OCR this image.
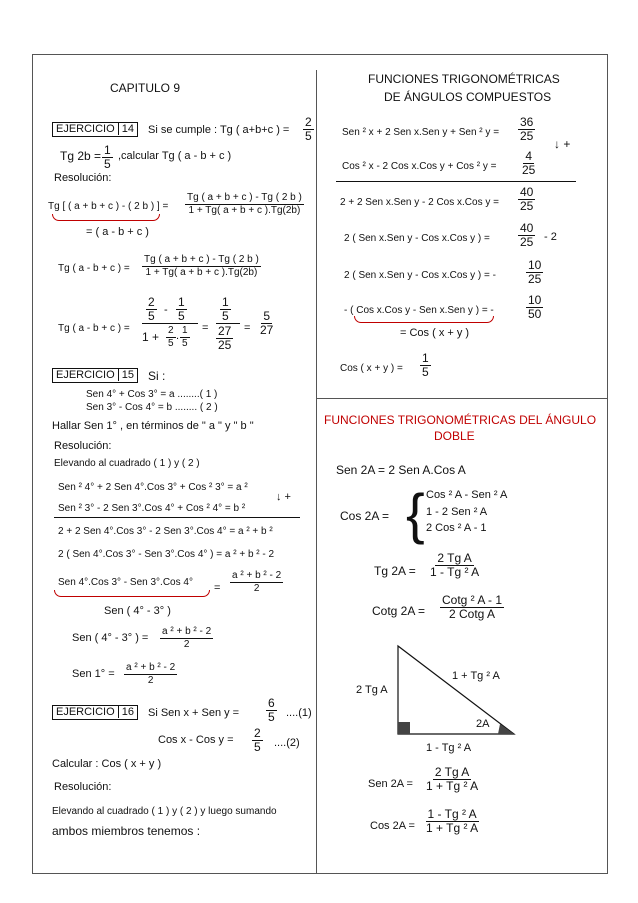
CAPITULO 9
FUNCIONES TRIGONOMÉTRICAS
DE ÁNGULOS COMPUESTOS
EJERCICIO 14	Si se cumple : Tg ( a+b+c ) =
2
5
Tg 2b = 1
5
,calcular Tg ( a - b + c )
Resolución:
Tg [ ( a + b + c ) - ( 2 b ) ] =
Tg ( a + b + c ) - Tg ( 2 b )
1 + Tg( a + b + c ).Tg(2b)
= ( a - b + c )
Tg ( a - b + c ) =
Tg ( a + b + c ) - Tg ( 2 b )
1 + Tg( a + b + c ).Tg(2b)
Tg ( a - b + c ) =
2
5 -
1
5
1 + 2
5
. 1
5
=
1
5
27
25
=
5
27
EJERCICIO 15	Si :
Sen 4° + Cos 3° = a ........( 1 )
Sen 3° - Cos 4° = b ........ ( 2 )
Hallar Sen 1° , en términos de " a " y " b "
Resolución:
Elevando al cuadrado ( 1 ) y ( 2 )
Sen ² 4° + 2 Sen 4°.Cos 3° + Cos ² 3° = a ²
Sen ² 3° - 2 Sen 3°.Cos 4° + Cos ² 4° = b ²
↓ +
2 + 2 Sen 4°.Cos 3° - 2 Sen 3°.Cos 4° = a ² + b ²
2 ( Sen 4°.Cos 3° - Sen 3°.Cos 4° ) = a ² + b ² - 2
Sen 4°.Cos 3° - Sen 3°.Cos 4° =
a ² + b ² - 2
2
Sen ( 4° - 3° )
Sen ( 4° - 3° ) =
a ² + b ² - 2
2
Sen 1° =
a ² + b ² - 2
2
EJERCICIO 16	Si Sen x + Sen y =
6
5 ....(1)
Cos x - Cos y = 2
5 ....(2)
Calcular : Cos ( x + y )
Resolución:
Elevando al cuadrado ( 1 ) y ( 2 ) y luego sumando
ambos miembros tenemos :
Sen ² x + 2 Sen x.Sen y + Sen ² y =
36
25
Cos ² x - 2 Cos x.Cos y + Cos ² y =
4
25
↓ +
2 + 2 Sen x.Sen y - 2 Cos x.Cos y =
40
25
2 ( Sen x.Sen y - Cos x.Cos y ) =
40
25 - 2
2 ( Sen x.Sen y - Cos x.Cos y ) = -
10
25
- ( Cos x.Cos y - Sen x.Sen y ) = -
10
50
= Cos ( x + y )
Cos ( x + y ) =
1
5
FUNCIONES TRIGONOMÉTRICAS DEL ÁNGULO
DOBLE
Sen 2A = 2 Sen A.Cos A
Cos 2A = { Cos ² A - Sen ² A
1 - 2 Sen ² A
2 Cos ² A - 1
Tg 2A =
2 Tg A
1 - Tg ² A
Cotg 2A =
Cotg ² A - 1
2 Cotg A
1 + Tg ² A
2 Tg A
2A
1 - Tg ² A
Sen 2A =
2 Tg A
1 + Tg ² A
Cos 2A =
1 - Tg ² A
1 + Tg ² A
